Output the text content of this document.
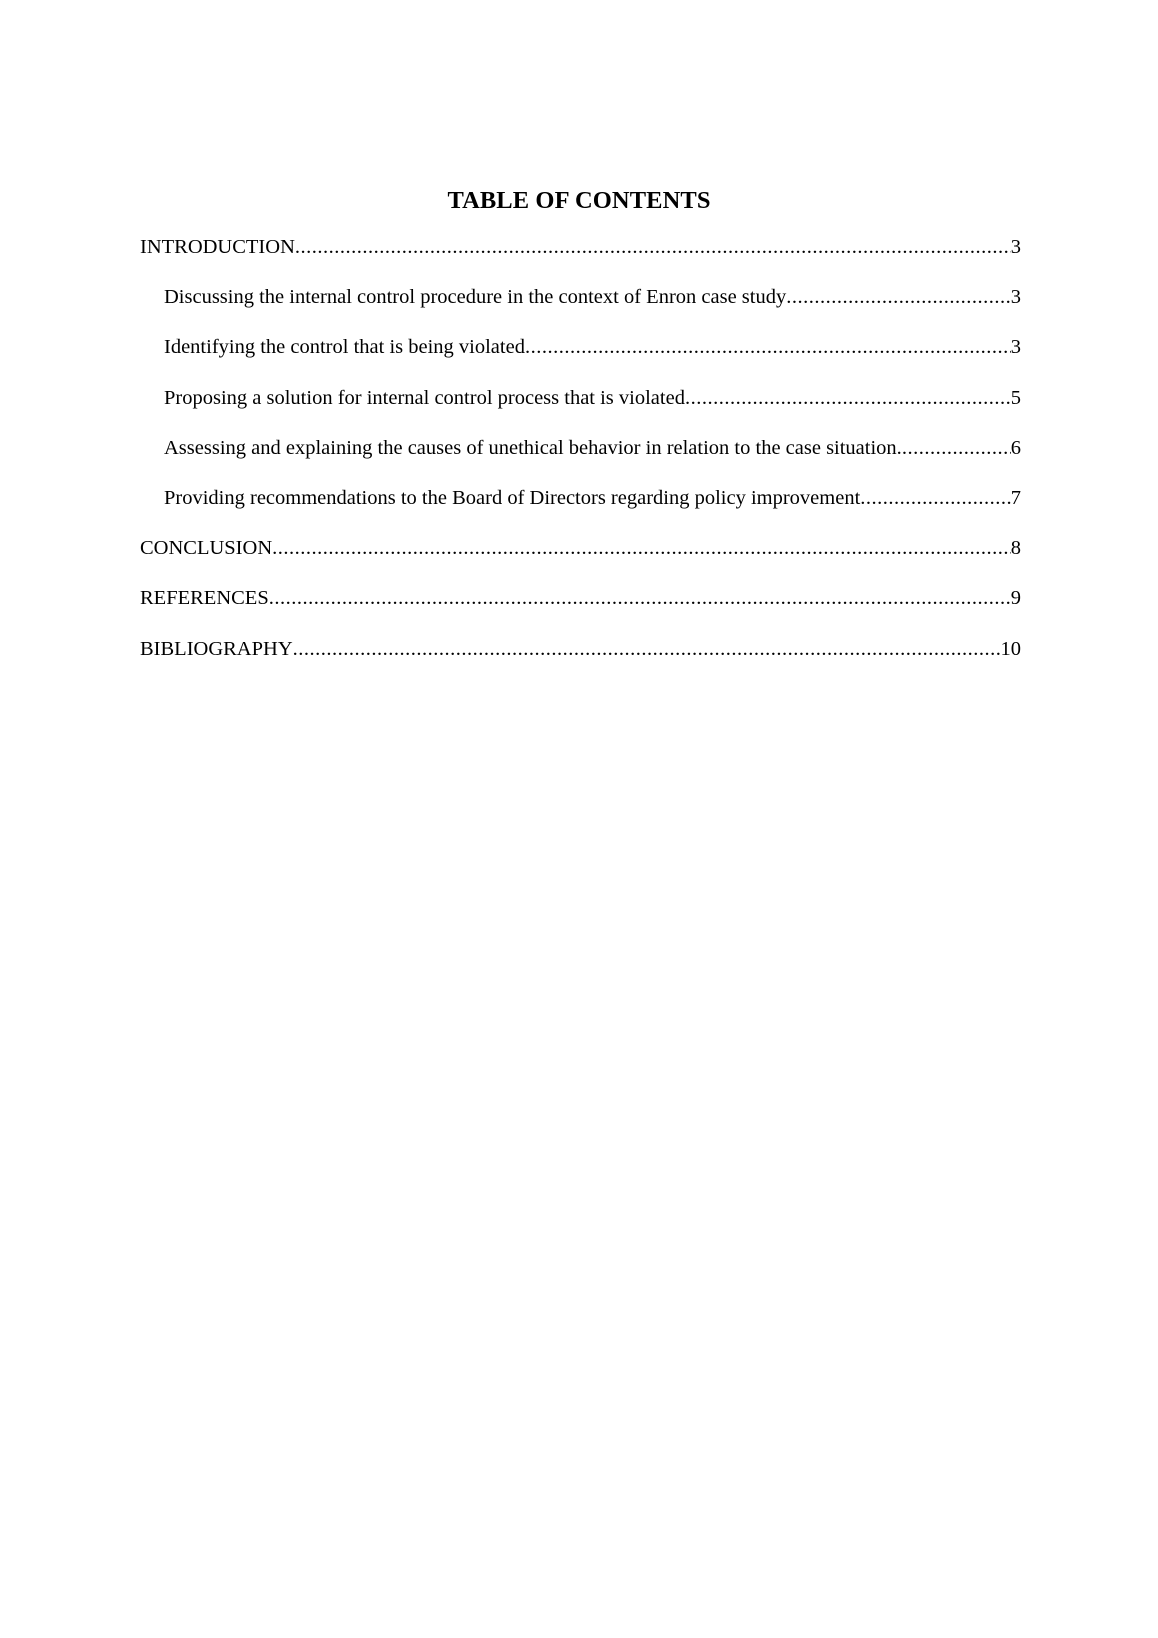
TABLE OF CONTENTS
INTRODUCTION .....	3
Discussing the internal control procedure in the context of Enron case study .....	3
Identifying the control that is being violated .....	3
Proposing a solution for internal control process that is violated .....	5
Assessing and explaining the causes of unethical behavior in relation to the case situation. .....	6
Providing recommendations to the Board of Directors regarding policy improvement .....	7
CONCLUSION .....	8
REFERENCES .....	9
BIBLIOGRAPHY .....	10
